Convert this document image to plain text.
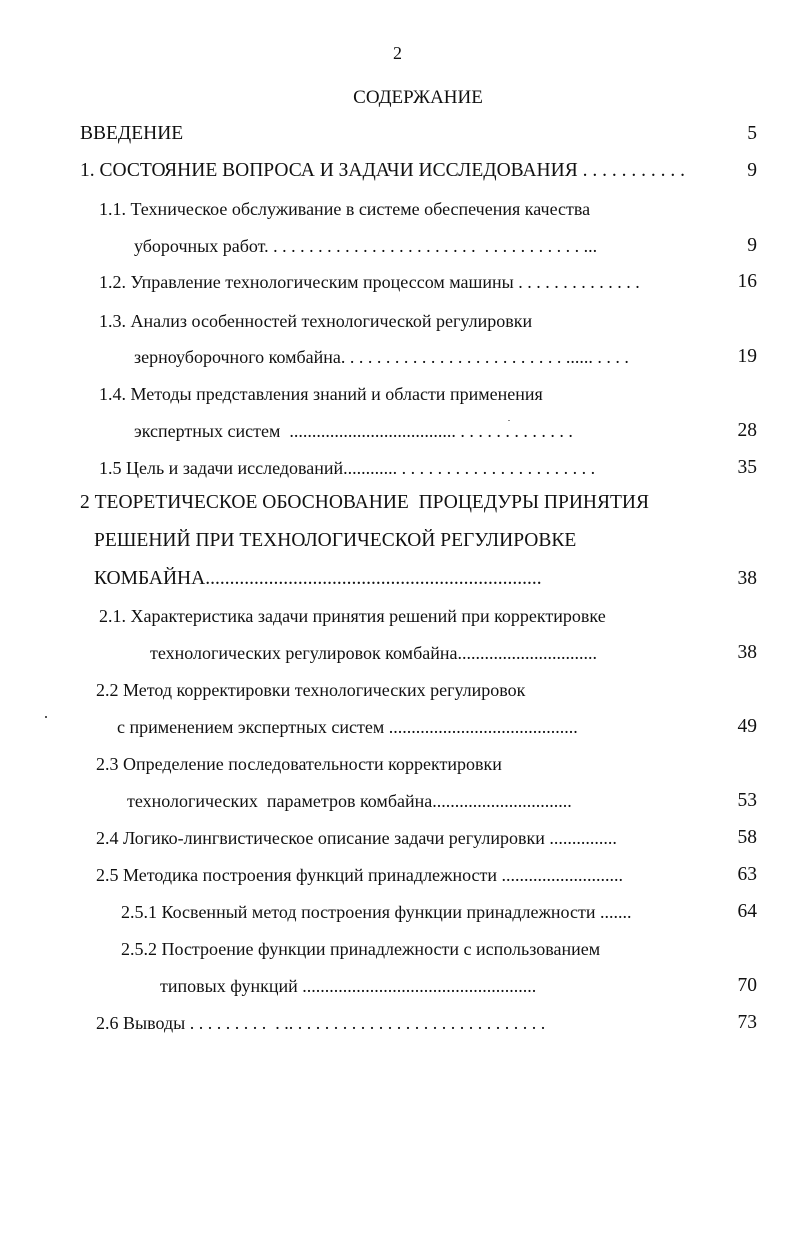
2
СОДЕРЖАНИЕ
ВВЕДЕНИЕ	5
1. СОСТОЯНИЕ ВОПРОСА И ЗАДАЧИ ИССЛЕДОВАНИЯ . . . . . . . . . . .	9
1.1. Техническое обслуживание в системе обеспечения качества
уборочных работ. . . . . . . . . . . . . . . . . . . . . . . .  . . . . . . . . . . . ...	9
1.2. Управление технологическим процессом машины . . . . . . . . . . . . . .	16
1.3. Анализ особенностей технологической регулировки
зерноуборочного комбайна. . . . . . . . . . . . . . . . . . . . . . . . . ...... . . . .	19
1.4. Методы представления знаний и области применения
экспертных систем  ..................................... . . . . . . . . . . . . .	28
1.5 Цель и задачи исследований............ . . . . . . . . . . . . . . . . . . . . . .	35
2 ТЕОРЕТИЧЕСКОЕ ОБОСНОВАНИЕ  ПРОЦЕДУРЫ ПРИНЯТИЯ
РЕШЕНИЙ ПРИ ТЕХНОЛОГИЧЕСКОЙ РЕГУЛИРОВКЕ
КОМБАЙНА.....................................................................	38
2.1. Характеристика задачи принятия решений при корректировке
технологических регулировок комбайна...............................	38
2.2 Метод корректировки технологических регулировок
с применением экспертных систем ..........................................	49
2.3 Определение последовательности корректировки
технологических  параметров комбайна...............................	53
2.4 Логико-лингвистическое описание задачи регулировки ...............	58
2.5 Методика построения функций принадлежности ...........................	63
2.5.1 Косвенный метод построения функции принадлежности .......	64
2.5.2 Построение функции принадлежности с использованием
типовых функций ....................................................	70
2.6 Выводы . . . . . . . . .  . .. . . . . . . . . . . . . . . . . . . . . . . . . . . . .	73
